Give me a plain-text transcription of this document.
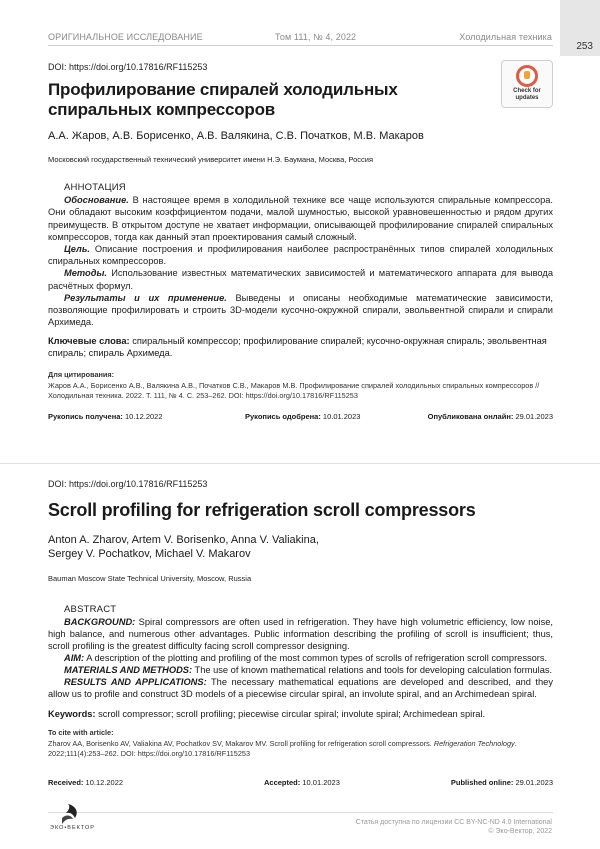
253
ОРИГИНАЛЬНОЕ ИССЛЕДОВАНИЕ	Том 111, № 4, 2022	Холодильная техника
Check for
updates
DOI: https://doi.org/10.17816/RF115253
Профилирование спиралей холодильных спиральных компрессоров
А.А. Жаров, А.В. Борисенко, А.В. Валякина, С.В. Початков, М.В. Макаров
Московский государственный технический университет имени Н.Э. Баумана, Москва, Россия
АННОТАЦИЯ

Обоснование. В настоящее время в холодильной технике все чаще используются спиральные компрессора. Они обладают высоким коэффициентом подачи, малой шумностью, высокой уравновешенностью и рядом других преимуществ. В открытом доступе не хватает информации, описывающей профилирование спиралей спиральных компрессоров, тогда как данный этап проектирования самый сложный.

Цель. Описание построения и профилирования наиболее распространённых типов спиралей холодильных спиральных компрессоров.

Методы. Использование известных математических зависимостей и математического аппарата для вывода расчётных формул.

Результаты и их применение. Выведены и описаны необходимые математические зависимости, позволяющие профилировать и строить 3D-модели кусочно-окружной спирали, эвольвентной спирали и спирали Архимеда.

Ключевые слова: спиральный компрессор; профилирование спиралей; кусочно-окружная спираль; эвольвентная спираль; спираль Архимеда.
Для цитирования:
Жаров А.А., Борисенко А.В., Валякина А.В., Початков С.В., Макаров М.В. Профилирование спиралей холодильных спиральных компрессоров // Холодильная техника. 2022. Т. 111, № 4. С. 253–262. DOI: https://doi.org/10.17816/RF115253
Рукопись получена: 10.12.2022	Рукопись одобрена: 10.01.2023	Опубликована онлайн: 29.01.2023
DOI: https://doi.org/10.17816/RF115253
Scroll profiling for refrigeration scroll compressors
Anton A. Zharov, Artem V. Borisenko, Anna V. Valiakina,
Sergey V. Pochatkov, Michael V. Makarov
Bauman Moscow State Technical University, Moscow, Russia
ABSTRACT

BACKGROUND: Spiral compressors are often used in refrigeration. They have high volumetric efficiency, low noise, high balance, and numerous other advantages. Public information describing the profiling of scroll is insufficient; thus, scroll profiling is the greatest difficulty facing scroll compressor designing.

AIM: A description of the plotting and profiling of the most common types of scrolls of refrigeration scroll compressors.

MATERIALS AND METHODS: The use of known mathematical relations and tools for developing calculation formulas.

RESULTS AND APPLICATIONS: The necessary mathematical equations are developed and described, and they allow us to profile and construct 3D models of a piecewise circular spiral, an involute spiral, and an Archimedean spiral.

Keywords: scroll compressor; scroll profiling; piecewise circular spiral; involute spiral; Archimedean spiral.
To cite with article:
Zharov AA, Borisenko AV, Valiakina AV, Pochatkov SV, Makarov MV. Scroll profiling for refrigeration scroll compressors. Refrigeration Technology. 2022;111(4):253–262. DOI: https://doi.org/10.17816/RF115253
Received: 10.12.2022	Accepted: 10.01.2023	Published online: 29.01.2023
ЭКО•ВЕКТОР
Статья доступна по лицензии CC BY-NC-ND 4.0 International
© Эко-Вектор, 2022
